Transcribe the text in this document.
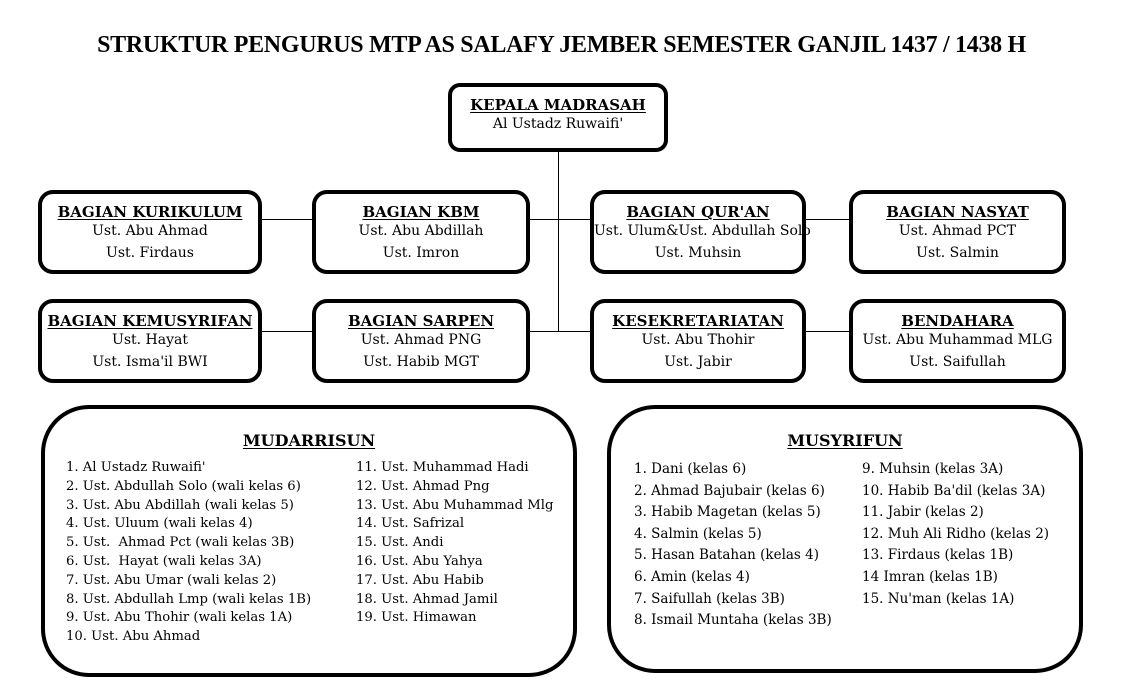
STRUKTUR PENGURUS MTP AS SALAFY JEMBER SEMESTER GANJIL 1437 / 1438 H
KEPALA MADRASAH
Al Ustadz Ruwaifi'
BAGIAN KURIKULUM
Ust. Abu Ahmad
Ust. Firdaus
BAGIAN KBM
Ust. Abu Abdillah
Ust. Imron
BAGIAN QUR'AN
Ust. Ulum&Ust. Abdullah Solo
Ust. Muhsin
BAGIAN NASYAT
Ust. Ahmad PCT
Ust. Salmin
BAGIAN KEMUSYRIFAN
Ust. Hayat
Ust. Isma'il BWI
BAGIAN SARPEN
Ust. Ahmad PNG
Ust. Habib MGT
KESEKRETARIATAN
Ust. Abu Thohir
Ust. Jabir
BENDAHARA
Ust. Abu Muhammad MLG
Ust. Saifullah
MUDARRISUN
1. Al Ustadz Ruwaifi'
2. Ust. Abdullah Solo (wali kelas 6)
3. Ust. Abu Abdillah (wali kelas 5)
4. Ust. Uluum (wali kelas 4)
5. Ust.  Ahmad Pct (wali kelas 3B)
6. Ust.  Hayat (wali kelas 3A)
7. Ust. Abu Umar (wali kelas 2)
8. Ust. Abdullah Lmp (wali kelas 1B)
9. Ust. Abu Thohir (wali kelas 1A)
10. Ust. Abu Ahmad
11. Ust. Muhammad Hadi
12. Ust. Ahmad Png
13. Ust. Abu Muhammad Mlg
14. Ust. Safrizal
15. Ust. Andi
16. Ust. Abu Yahya
17. Ust. Abu Habib
18. Ust. Ahmad Jamil
19. Ust. Himawan
MUSYRIFUN
1. Dani (kelas 6)
2. Ahmad Bajubair (kelas 6)
3. Habib Magetan (kelas 5)
4. Salmin (kelas 5)
5. Hasan Batahan (kelas 4)
6. Amin (kelas 4)
7. Saifullah (kelas 3B)
8. Ismail Muntaha (kelas 3B)
9. Muhsin (kelas 3A)
10. Habib Ba'dil (kelas 3A)
11. Jabir (kelas 2)
12. Muh Ali Ridho (kelas 2)
13. Firdaus (kelas 1B)
14 Imran (kelas 1B)
15. Nu'man (kelas 1A)
